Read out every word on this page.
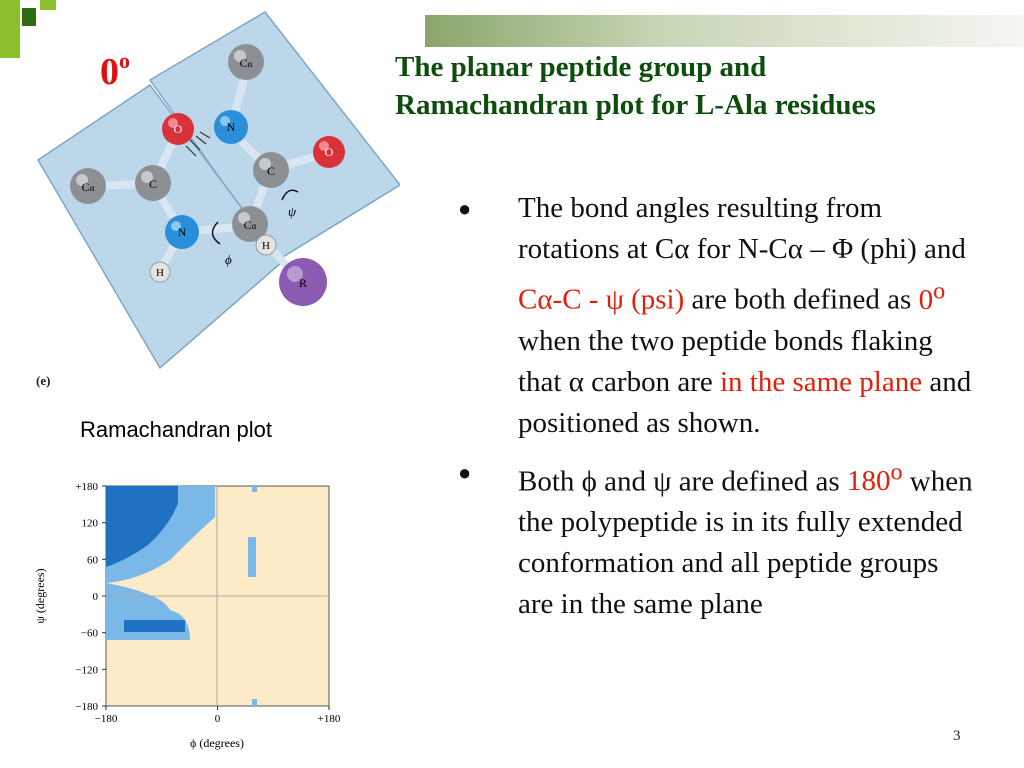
The planar peptide group and
Ramachandran plot for L-Ala residues
Cα
O	N
C
O
Cα	C
N	Cα
H
H
R
ψ
ϕ
0$^o$
(e)
Ramachandran plot
+180
120
60
0
−60
−120
−180
−180	0	+180
ψ (degrees)
ϕ (degrees)
● The bond angles resulting from rotations at Cα for N-Cα – Φ (phi) and Cα-C - ψ (psi) are both defined as 0$^o$ when the two peptide bonds flaking that α carbon are in the same plane and positioned as shown.
● Both ϕ and ψ are defined as 180$^o$ when the polypeptide is in its fully extended conformation and all peptide groups are in the same plane
3
